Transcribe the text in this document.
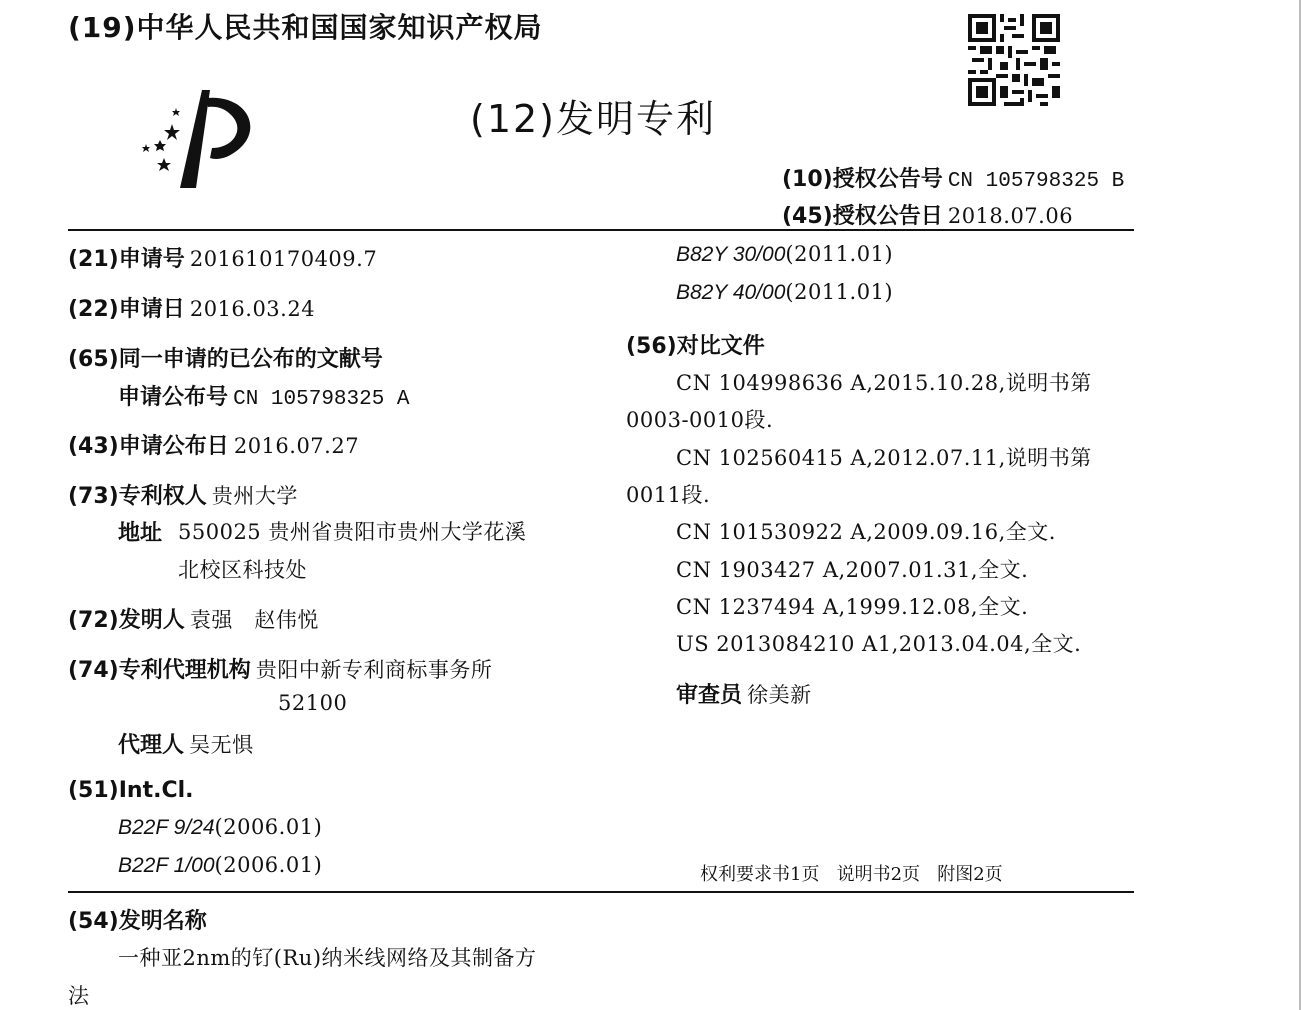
(19)中华人民共和国国家知识产权局
(12)发明专利
(10)授权公告号 CN 105798325 B
(45)授权公告日 2018.07.06
(21)申请号 201610170409.7
(22)申请日 2016.03.24
(65)同一申请的已公布的文献号
申请公布号 CN 105798325 A
(43)申请公布日 2016.07.27
(73)专利权人 贵州大学
地址 550025 贵州省贵阳市贵州大学花溪
北校区科技处
(72)发明人 袁强   赵伟悦
(74)专利代理机构 贵阳中新专利商标事务所
52100
代理人 吴无惧
(51)Int.Cl.
B22F 9/24(2006.01)
B22F 1/00(2006.01)
B82Y 30/00(2011.01)
B82Y 40/00(2011.01)
(56)对比文件
CN 104998636 A,2015.10.28,说明书第
0003-0010段.
CN 102560415 A,2012.07.11,说明书第
0011段.
CN 101530922 A,2009.09.16,全文.
CN 1903427 A,2007.01.31,全文.
CN 1237494 A,1999.12.08,全文.
US 2013084210 A1,2013.04.04,全文.
审查员 徐美新
权利要求书1页   说明书2页   附图2页
(54)发明名称
一种亚2nm的钌(Ru)纳米线网络及其制备方
法
